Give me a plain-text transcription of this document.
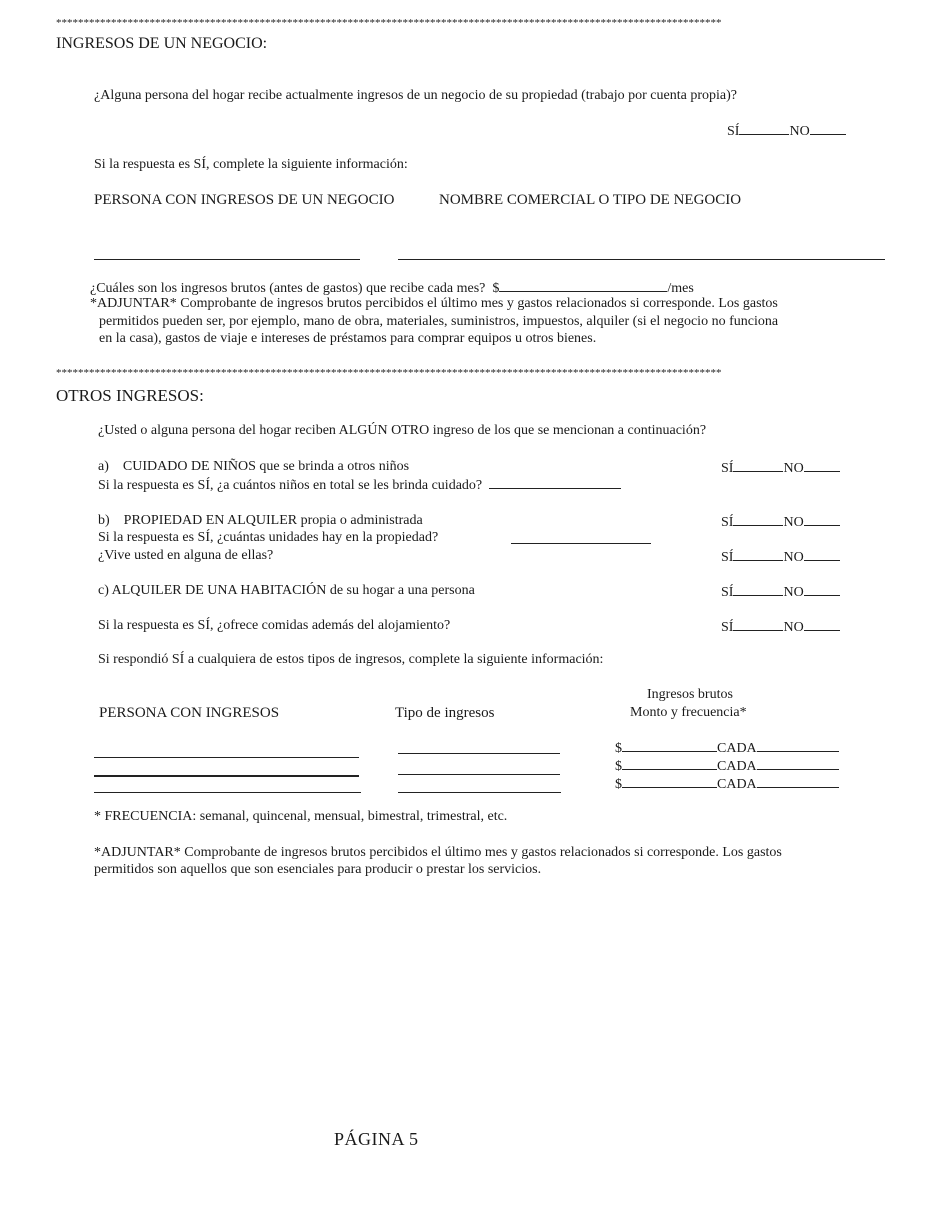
*************************************************************************************************************************
INGRESOS DE UN NEGOCIO:
¿Alguna persona del hogar recibe actualmente ingresos de un negocio de su propiedad (trabajo por cuenta propia)?
SÍ	NO
Si la respuesta es SÍ, complete la siguiente información:
PERSONA CON INGRESOS DE UN NEGOCIO	NOMBRE COMERCIAL O TIPO DE NEGOCIO
¿Cuáles son los ingresos brutos (antes de gastos) que recibe cada mes? $	/mes
*ADJUNTAR* Comprobante de ingresos brutos percibidos el último mes y gastos relacionados si corresponde. Los gastos
permitidos pueden ser, por ejemplo, mano de obra, materiales, suministros, impuestos, alquiler (si el negocio no funciona
en la casa), gastos de viaje e intereses de préstamos para comprar equipos u otros bienes.
*************************************************************************************************************************
OTROS INGRESOS:
¿Usted o alguna persona del hogar reciben ALGÚN OTRO ingreso de los que se mencionan a continuación?
a) CUIDADO DE NIÑOS que se brinda a otros niños
Si la respuesta es SÍ, ¿a cuántos niños en total se les brinda cuidado?
SÍ	NO
b) PROPIEDAD EN ALQUILER propia o administrada	SÍ	NO
Si la respuesta es SÍ, ¿cuántas unidades hay en la propiedad?
¿Vive usted en alguna de ellas?	SÍ	NO
c) ALQUILER DE UNA HABITACIÓN de su hogar a una persona	SÍ	NO
Si la respuesta es SÍ, ¿ofrece comidas además del alojamiento?	SÍ	NO
Si respondió SÍ a cualquiera de estos tipos de ingresos, complete la siguiente información:
PERSONA CON INGRESOS	Tipo de ingresos
Ingresos brutos
Monto y frecuencia*
$	CADA
$	CADA
$	CADA
* FRECUENCIA: semanal, quincenal, mensual, bimestral, trimestral, etc.
*ADJUNTAR* Comprobante de ingresos brutos percibidos el último mes y gastos relacionados si corresponde. Los gastos
permitidos son aquellos que son esenciales para producir o prestar los servicios.
PÁGINA 5
